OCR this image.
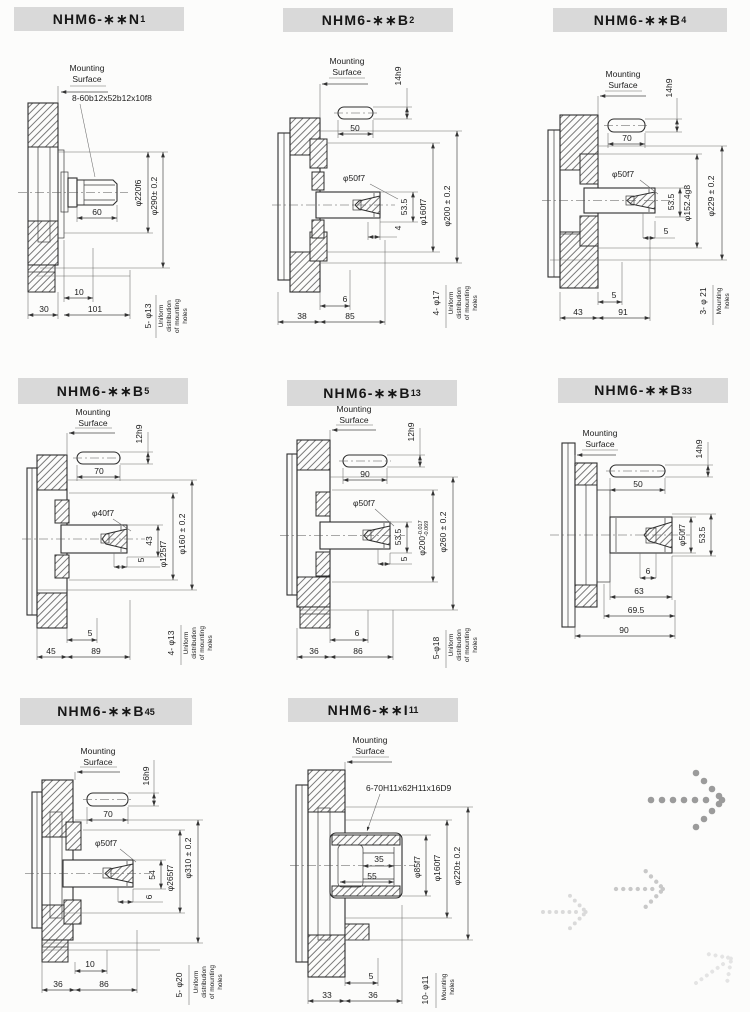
NHM6-∗∗N 1
Mounting
Surface
8-60b12x52b12x10f8
60
φ220f6 φ290± 0.2
10
30	101	5- φ13 Uniform distribution of mounting holes
NHM6-∗∗B 2
Mounting
Surface	14h9
50
φ50f7
53.5
4
φ160f7 φ200 ± 0.2
6
38	85
4- φ17 Uniform distribution of mounting holes
NHM6-∗∗B 4
Mounting
Surface	14h9
70
φ50f7
53.5
5
φ152.4g8 φ229 ± 0.2
5
43	91	3- φ 21 Mounting holes
NHM6-∗∗B 5
Mounting
Surface
12h9
70
φ40f7
43
5 φ125f7 φ160 ± 0.2
5
45	89	4- φ13 Uniform distribution of mounting holes
NHM6-∗∗B 13
Mounting
Surface
12h9
90
φ50f7
53.5
5
$\varphi 200^{-0.017}-0.069$ φ260 ± 0.2
6
36	86	5-φ18 Uniform distribution of mounting holes
NHM6-∗∗B 33
Mounting
Surface	14h9
50
φ50f7 53.5
6
63
69.5
90
NHM6-∗∗B 45
Mounting
Surface
16h9
70
φ50f7
54
6
φ265f7 φ310 ± 0.2
10
36	86	5- φ20 Uniform distribution of mounting holes
NHM6-∗∗I 11
Mounting
Surface
6-70H11x62H11x16D9
35
55	φ85f7 φ160f7 φ220± 0.2
5
33	36	10- φ11 Mounting holes
